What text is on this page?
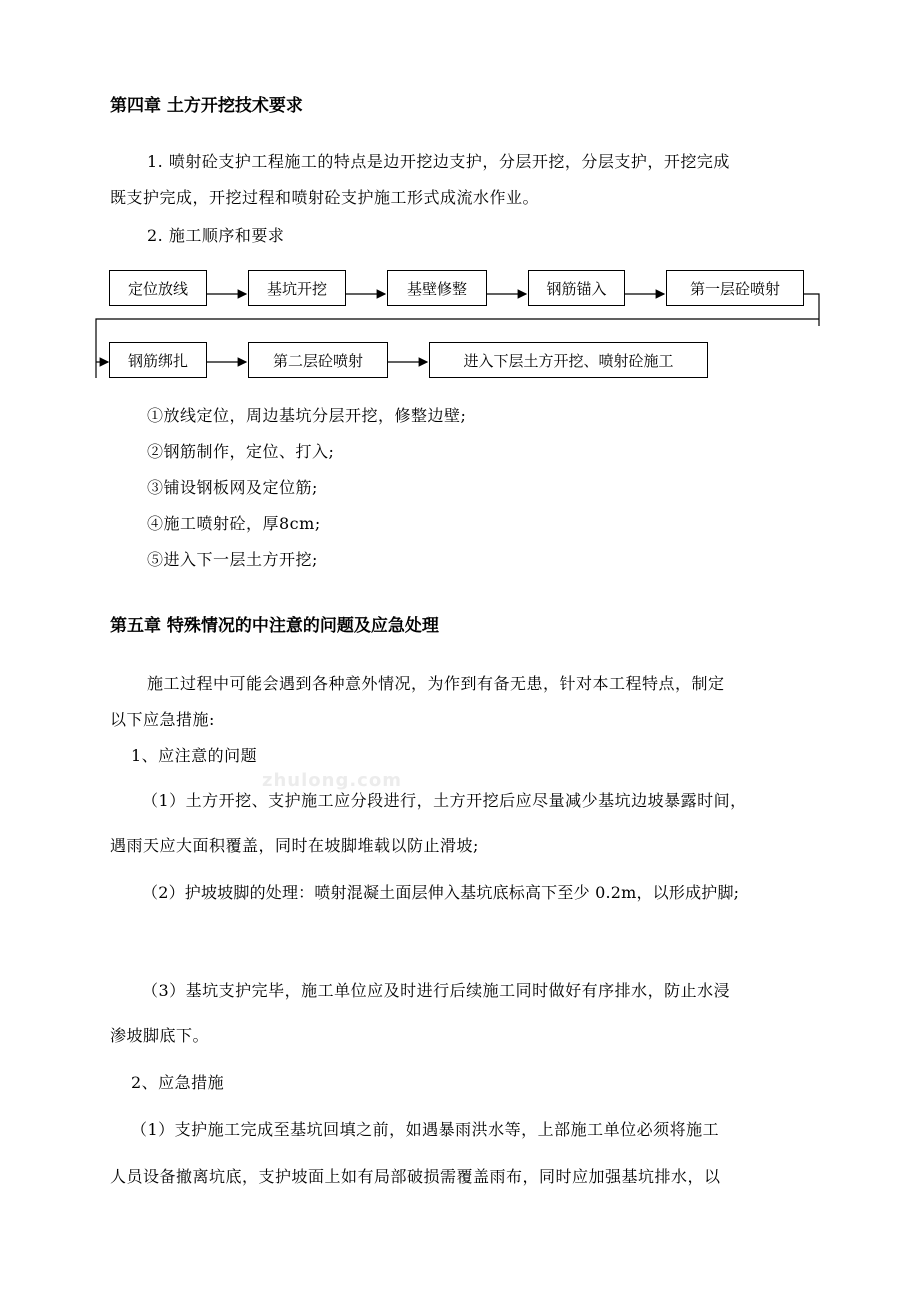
第四章 土方开挖技术要求
1. 喷射砼支护工程施工的特点是边开挖边支护，分层开挖，分层支护，开挖完成
既支护完成，开挖过程和喷射砼支护施工形式成流水作业。
2. 施工顺序和要求
定位放线	基坑开挖	基壁修整	钢筋锚入	第一层砼喷射
钢筋绑扎	第二层砼喷射	进入下层土方开挖、喷射砼施工
①放线定位，周边基坑分层开挖，修整边壁;
②钢筋制作，定位、打入;
③铺设钢板网及定位筋;
④施工喷射砼，厚8cm;
⑤进入下一层土方开挖;
第五章 特殊情况的中注意的问题及应急处理
施工过程中可能会遇到各种意外情况，为作到有备无患，针对本工程特点，制定
以下应急措施:
1、应注意的问题
zhulong.com
（1）土方开挖、支护施工应分段进行，土方开挖后应尽量减少基坑边坡暴露时间，
遇雨天应大面积覆盖，同时在坡脚堆载以防止滑坡;
（2）护坡坡脚的处理：喷射混凝土面层伸入基坑底标高下至少 0.2m，以形成护脚;
（3）基坑支护完毕，施工单位应及时进行后续施工同时做好有序排水，防止水浸
渗坡脚底下。
2、应急措施
（1）支护施工完成至基坑回填之前，如遇暴雨洪水等，上部施工单位必须将施工
人员设备撤离坑底，支护坡面上如有局部破损需覆盖雨布，同时应加强基坑排水，以
